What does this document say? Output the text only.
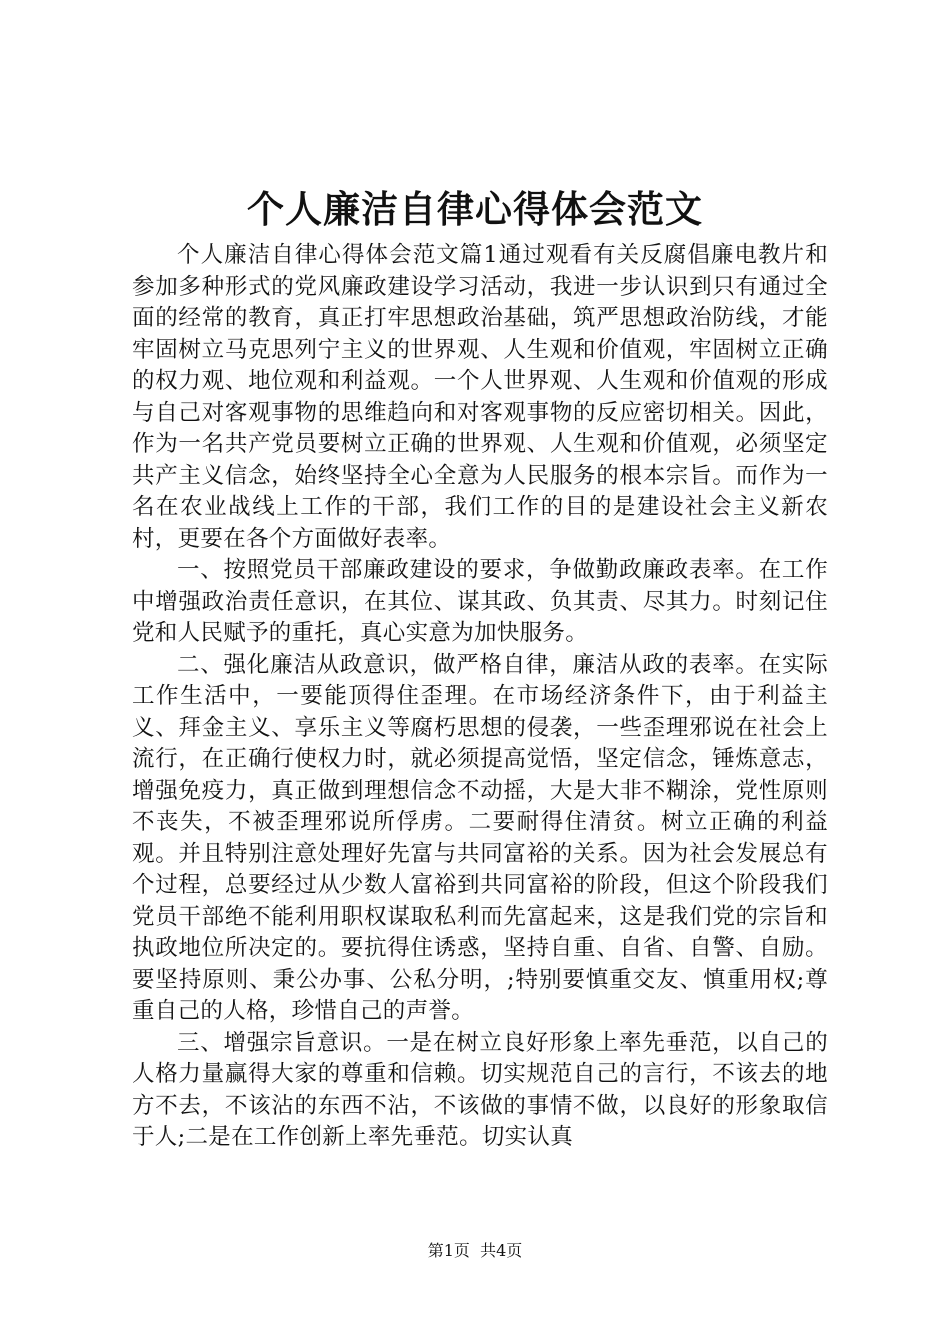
个人廉洁自律心得体会范文

个人廉洁自律心得体会范文篇1通过观看有关反腐倡廉电教片和参加多种形式的党风廉政建设学习活动，我进一步认识到只有通过全面的经常的教育，真正打牢思想政治基础，筑严思想政治防线，才能牢固树立马克思列宁主义的世界观、人生观和价值观，牢固树立正确的权力观、地位观和利益观。一个人世界观、人生观和价值观的形成与自己对客观事物的思维趋向和对客观事物的反应密切相关。因此，作为一名共产党员要树立正确的世界观、人生观和价值观，必须坚定共产主义信念，始终坚持全心全意为人民服务的根本宗旨。而作为一名在农业战线上工作的干部，我们工作的目的是建设社会主义新农村，更要在各个方面做好表率。

一、按照党员干部廉政建设的要求，争做勤政廉政表率。在工作中增强政治责任意识，在其位、谋其政、负其责、尽其力。时刻记住党和人民赋予的重托，真心实意为加快服务。

二、强化廉洁从政意识，做严格自律，廉洁从政的表率。在实际工作生活中，一要能顶得住歪理。在市场经济条件下，由于利益主义、拜金主义、享乐主义等腐朽思想的侵袭，一些歪理邪说在社会上流行，在正确行使权力时，就必须提高觉悟，坚定信念，锤炼意志，增强免疫力，真正做到理想信念不动摇，大是大非不糊涂，党性原则不丧失，不被歪理邪说所俘虏。二要耐得住清贫。树立正确的利益观。并且特别注意处理好先富与共同富裕的关系。因为社会发展总有个过程，总要经过从少数人富裕到共同富裕的阶段，但这个阶段我们党员干部绝不能利用职权谋取私利而先富起来，这是我们党的宗旨和执政地位所决定的。要抗得住诱惑，坚持自重、自省、自警、自励。要坚持原则、秉公办事、公私分明，;特别要慎重交友、慎重用权;尊重自己的人格，珍惜自己的声誉。

三、增强宗旨意识。一是在树立良好形象上率先垂范，以自己的人格力量赢得大家的尊重和信赖。切实规范自己的言行，不该去的地方不去，不该沾的东西不沾，不该做的事情不做，以良好的形象取信于人;二是在工作创新上率先垂范。切实认真

第1页  共4页
